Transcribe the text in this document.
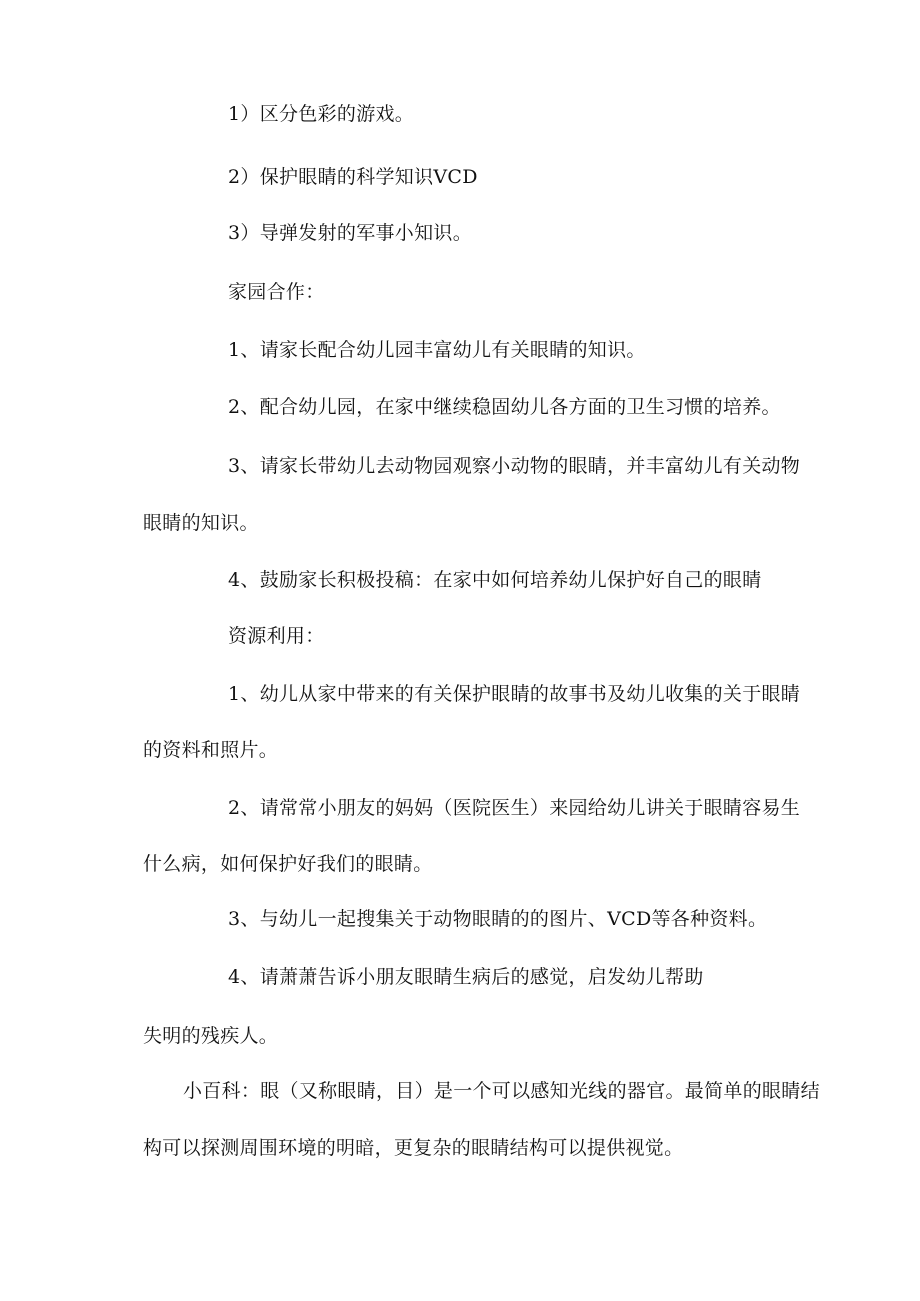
1）区分色彩的游戏。
2）保护眼睛的科学知识VCD
3）导弹发射的军事小知识。
家园合作：
1、请家长配合幼儿园丰富幼儿有关眼睛的知识。
2、配合幼儿园，在家中继续稳固幼儿各方面的卫生习惯的培养。
3、请家长带幼儿去动物园观察小动物的眼睛，并丰富幼儿有关动物
眼睛的知识。
4、鼓励家长积极投稿：在家中如何培养幼儿保护好自己的眼睛
资源利用：
1、幼儿从家中带来的有关保护眼睛的故事书及幼儿收集的关于眼睛
的资料和照片。
2、请常常小朋友的妈妈（医院医生）来园给幼儿讲关于眼睛容易生
什么病，如何保护好我们的眼睛。
3、与幼儿一起搜集关于动物眼睛的的图片、VCD等各种资料。
4、请萧萧告诉小朋友眼睛生病后的感觉，启发幼儿帮助
失明的残疾人。
小百科：眼（又称眼睛，目）是一个可以感知光线的器官。最简单的眼睛结
构可以探测周围环境的明暗，更复杂的眼睛结构可以提供视觉。
